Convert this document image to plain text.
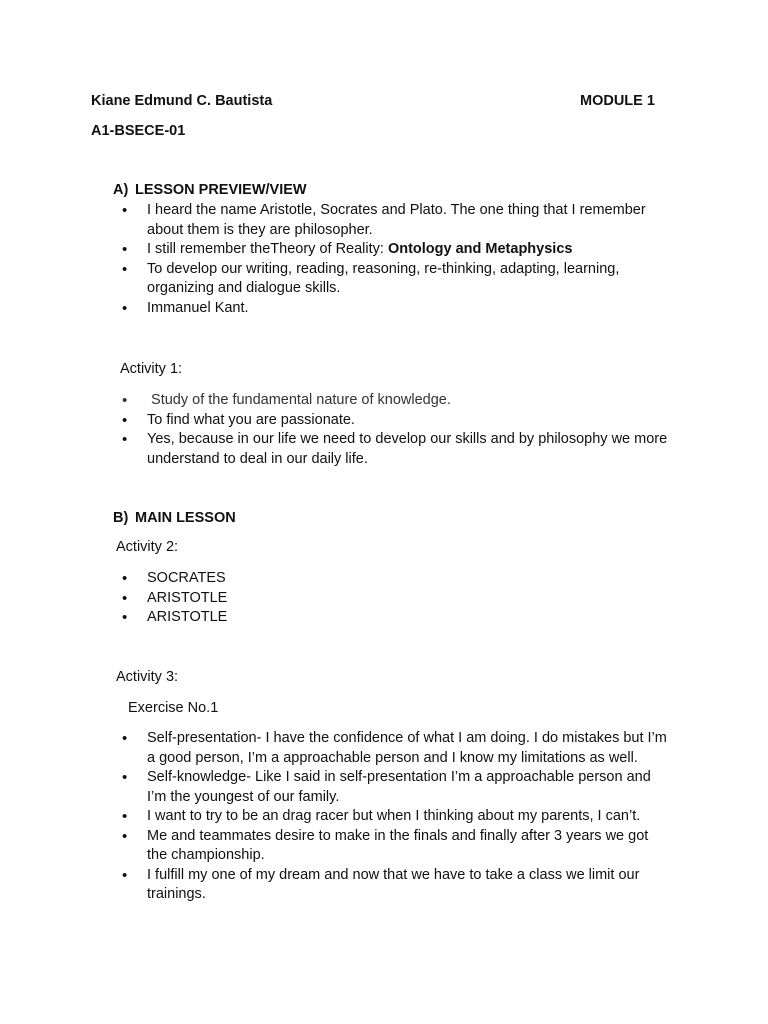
Kiane Edmund C. Bautista	MODULE 1
A1-BSECE-01
A) LESSON PREVIEW/VIEW
• I heard the name Aristotle, Socrates and Plato. The one thing that I remember about them is they are philosopher.
• I still remember theTheory of Reality: Ontology and Metaphysics
• To develop our writing, reading, reasoning, re-thinking, adapting, learning, organizing and dialogue skills.
• Immanuel Kant.
Activity 1:
•  Study of the fundamental nature of knowledge.
• To find what you are passionate.
• Yes, because in our life we need to develop our skills and by philosophy we more understand to deal in our daily life.
B) MAIN LESSON
Activity 2:
• SOCRATES
• ARISTOTLE
• ARISTOTLE
Activity 3:
Exercise No.1
• Self-presentation- I have the confidence of what I am doing. I do mistakes but I’m a good person, I’m a approachable person and I know my limitations as well.
• Self-knowledge- Like I said in self-presentation I’m a approachable person and I’m the youngest of our family.
• I want to try to be an drag racer but when I thinking about my parents, I can’t.
• Me and teammates desire to make in the finals and finally after 3 years we got the championship.
• I fulfill my one of my dream and now that we have to take a class we limit our trainings.
